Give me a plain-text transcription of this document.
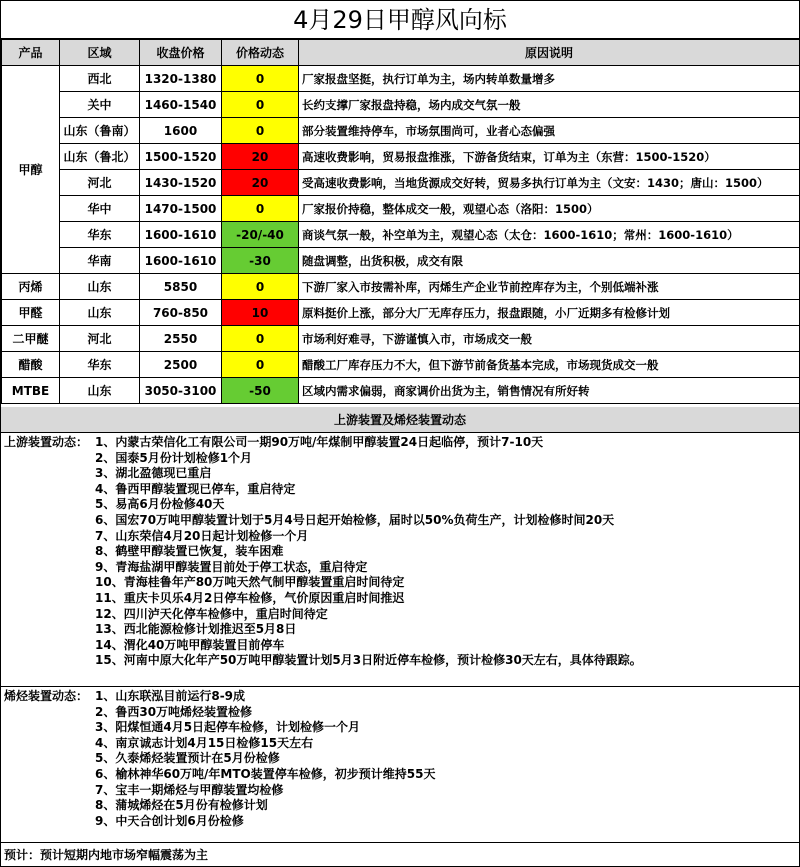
4月29日甲醇风向标
产品	区域	收盘价格	价格动态	原因说明
甲醇	西北	1320-1380	0	厂家报盘坚挺，执行订单为主，场内转单数量增多
	关中	1460-1540	0	长约支撑厂家报盘持稳，场内成交气氛一般
	山东（鲁南）	1600	0	部分装置维持停车，市场氛围尚可，业者心态偏强
	山东（鲁北）	1500-1520	20	高速收费影响，贸易报盘推涨，下游备货结束，订单为主（东营：1500-1520）
	河北	1430-1520	20	受高速收费影响，当地货源成交好转，贸易多执行订单为主（文安：1430；唐山：1500）
	华中	1470-1500	0	厂家报价持稳，整体成交一般，观望心态（洛阳：1500）
	华东	1600-1610	-20/-40	商谈气氛一般，补空单为主，观望心态（太仓：1600-1610；常州：1600-1610）
	华南	1600-1610	-30	随盘调整，出货积极，成交有限
丙烯	山东	5850	0	下游厂家入市按需补库，丙烯生产企业节前控库存为主，个别低端补涨
甲醛	山东	760-850	10	原料挺价上涨，部分大厂无库存压力，报盘跟随，小厂近期多有检修计划
二甲醚	河北	2550	0	市场利好难寻，下游谨慎入市，市场成交一般
醋酸	华东	2500	0	醋酸工厂库存压力不大，但下游节前备货基本完成，市场现货成交一般
MTBE	山东	3050-3100	-50	区域内需求偏弱，商家调价出货为主，销售情况有所好转
上游装置及烯烃装置动态
上游装置动态： 1、内蒙古荣信化工有限公司一期90万吨/年煤制甲醇装置24日起临停，预计7-10天
2、国泰5月份计划检修1个月
3、湖北盈德现已重启
4、鲁西甲醇装置现已停车，重启待定
5、易高6月份检修40天
6、国宏70万吨甲醇装置计划于5月4号日起开始检修，届时以50%负荷生产，计划检修时间20天
7、山东荣信4月20日起计划检修一个月
8、鹤壁甲醇装置已恢复，装车困难
9、青海盐湖甲醇装置目前处于停工状态，重启待定
10、青海桂鲁年产80万吨天然气制甲醇装置重启时间待定
11、重庆卡贝乐4月2日停车检修，气价原因重启时间推迟
12、四川泸天化停车检修中，重启时间待定
13、西北能源检修计划推迟至5月8日
14、渭化40万吨甲醇装置目前停车
15、河南中原大化年产50万吨甲醇装置计划5月3日附近停车检修，预计检修30天左右，具体待跟踪。
烯烃装置动态： 1、山东联泓目前运行8-9成
2、鲁西30万吨烯烃装置检修
3、阳煤恒通4月5日起停车检修，计划检修一个月
4、南京诚志计划4月15日检修15天左右
5、久泰烯烃装置预计在5月份检修
6、榆林神华60万吨/年MTO装置停车检修，初步预计维持55天
7、宝丰一期烯烃与甲醇装置均检修
8、蒲城烯烃在5月份有检修计划
9、中天合创计划6月份检修
预计：预计短期内地市场窄幅震荡为主
